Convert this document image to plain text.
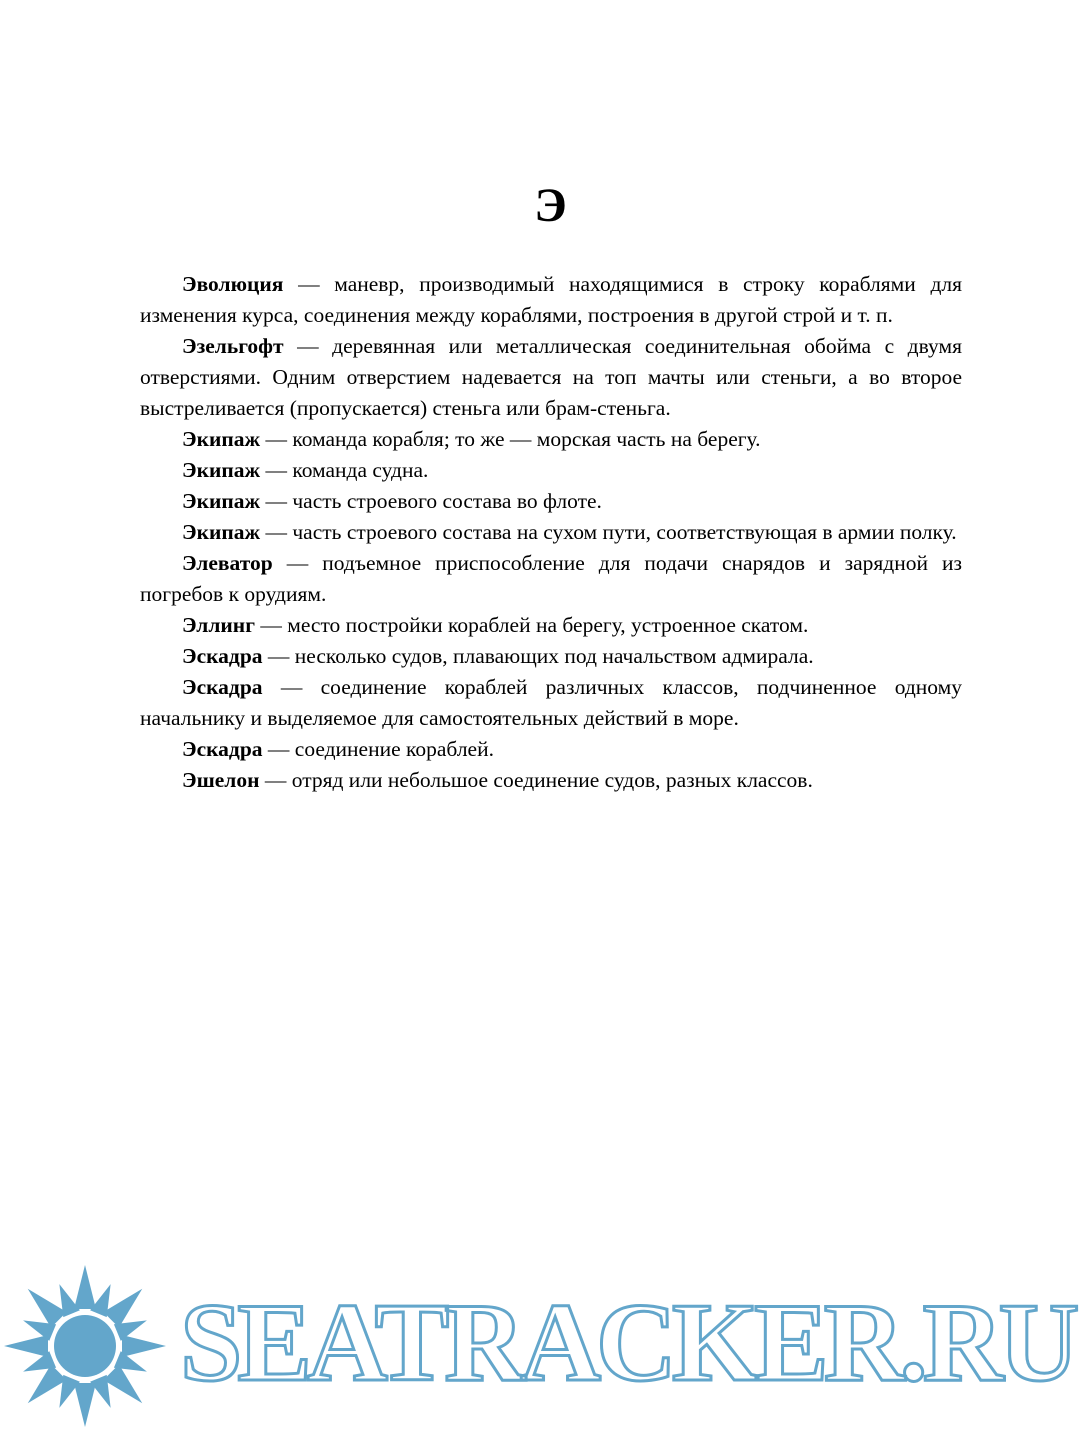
Э

Эволюция — маневр, производимый находящимися в строку кораблями для изменения курса, соединения между кораблями, построения в другой строй и т. п.

Эзельгофт — деревянная или металлическая соединительная обойма с двумя отверстиями. Одним отверстием надевается на топ мачты или стеньги, а во второе выстреливается (пропускается) стеньга или брам-стеньга.

Экипаж — команда корабля; то же — морская часть на берегу.

Экипаж — команда судна.

Экипаж — часть строевого состава во флоте.

Экипаж — часть строевого состава на сухом пути, соответствующая в армии полку.

Элеватор — подъемное приспособление для подачи снарядов и зарядной из погребов к орудиям.

Эллинг — место постройки кораблей на берегу, устроенное скатом.

Эскадра — несколько судов, плавающих под начальством адмирала.

Эскадра — соединение кораблей различных классов, подчиненное одному начальнику и выделяемое для самостоятельных действий в море.

Эскадра — соединение кораблей.

Эшелон — отряд или небольшое соединение судов, разных классов.

SEATRACKER.RU
